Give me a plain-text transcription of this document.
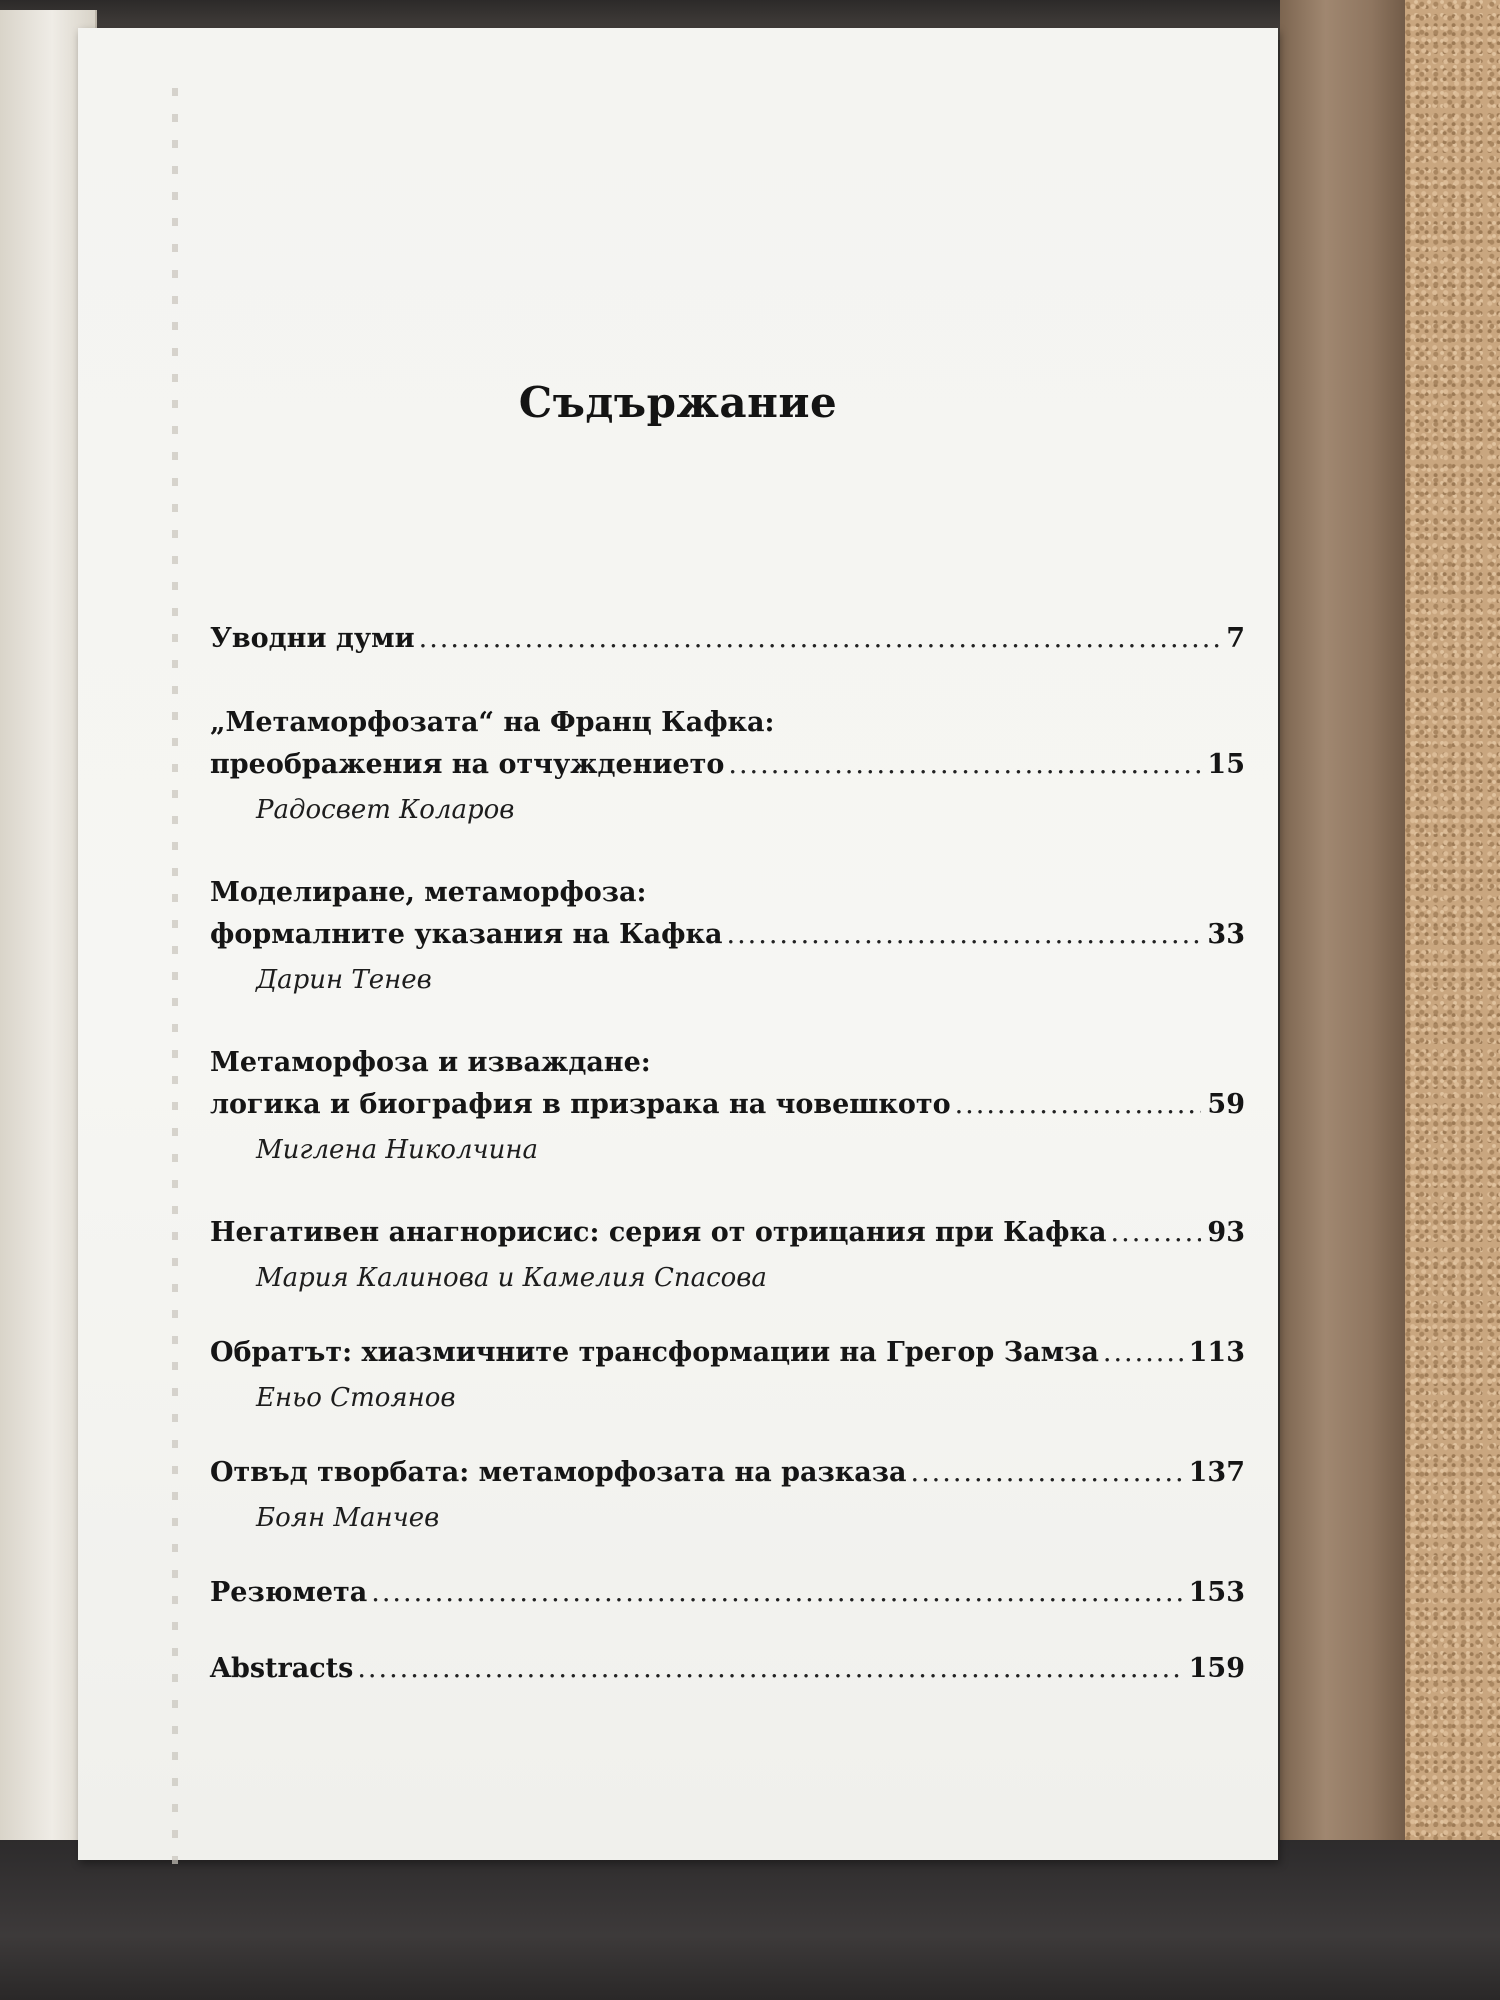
Съдържание
Уводни думи .....	7
„Метаморфозата“ на Франц Кафка:
преображения на отчуждението .....	15
Радосвет Коларов
Моделиране, метаморфоза:
формалните указания на Кафка .....	33
Дарин Тенев
Метаморфоза и изваждане:
логика и биография в призрака на човешкото .....	59
Миглена Николчина
Негативен анагнорисис: серия от отрицания при Кафка .....	93
Мария Калинова и Камелия Спасова
Обратът: хиазмичните трансформации на Грегор Замза .....	113
Еньо Стоянов
Отвъд творбата: метаморфозата на разказа .....	137
Боян Манчев
Резюмета .....	153
Abstracts .....	159
